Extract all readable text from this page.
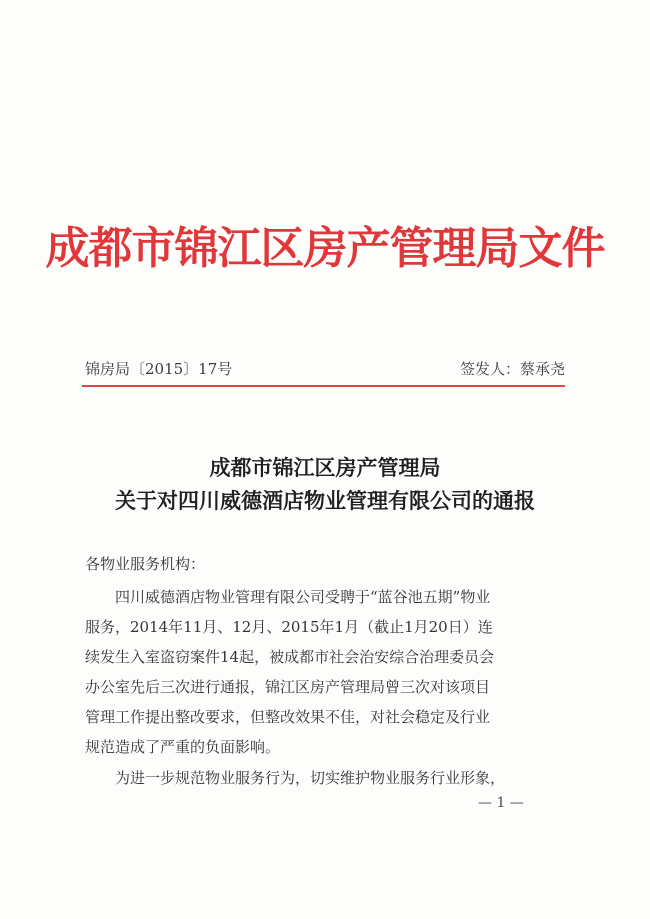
成都市锦江区房产管理局文件
锦房局〔2015〕17号	签发人：蔡承尧
成都市锦江区房产管理局
关于对四川威德酒店物业管理有限公司的通报
各物业服务机构：
　　四川威德酒店物业管理有限公司受聘于“蓝谷池五期”物业
服务，2014年11月、12月、2015年1月（截止1月20日）连
续发生入室盗窃案件14起，被成都市社会治安综合治理委员会
办公室先后三次进行通报，锦江区房产管理局曾三次对该项目
管理工作提出整改要求，但整改效果不佳，对社会稳定及行业
规范造成了严重的负面影响。
　　为进一步规范物业服务行为，切实维护物业服务行业形象，
— 1 —
